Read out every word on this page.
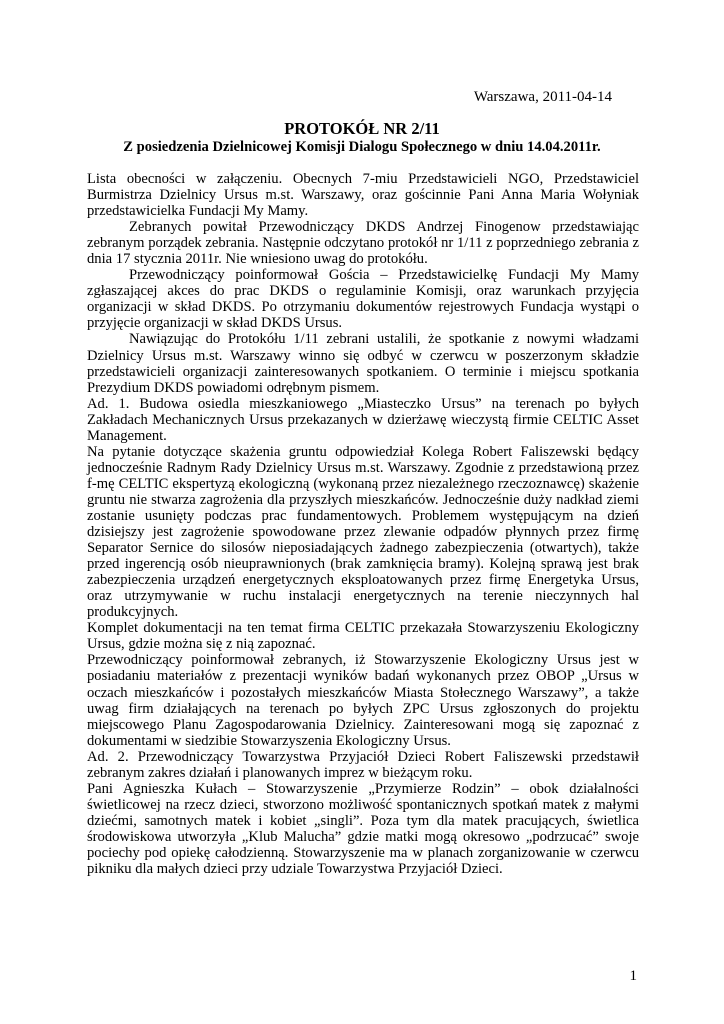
Warszawa, 2011-04-14
PROTOKÓŁ NR 2/11
Z posiedzenia Dzielnicowej Komisji Dialogu Społecznego w dniu 14.04.2011r.

Lista obecności w załączeniu. Obecnych 7-miu Przedstawicieli NGO, Przedstawiciel Burmistrza Dzielnicy Ursus m.st. Warszawy, oraz gościnnie Pani Anna Maria Wołyniak przedstawicielka Fundacji My Mamy.

Zebranych powitał Przewodniczący DKDS Andrzej Finogenow przedstawiając zebranym porządek zebrania. Następnie odczytano protokół nr 1/11 z poprzedniego zebrania z dnia 17 stycznia 2011r. Nie wniesiono uwag do protokółu.

Przewodniczący poinformował Gościa – Przedstawicielkę Fundacji My Mamy zgłaszającej akces do prac DKDS o regulaminie Komisji, oraz warunkach przyjęcia organizacji w skład DKDS. Po otrzymaniu dokumentów rejestrowych Fundacja wystąpi o przyjęcie organizacji w skład DKDS Ursus.

Nawiązując do Protokółu 1/11 zebrani ustalili, że spotkanie z nowymi władzami Dzielnicy Ursus m.st. Warszawy winno się odbyć w czerwcu w poszerzonym składzie przedstawicieli organizacji zainteresowanych spotkaniem. O terminie i miejscu spotkania Prezydium DKDS powiadomi odrębnym pismem.

Ad. 1. Budowa osiedla mieszkaniowego „Miasteczko Ursus” na terenach po byłych Zakładach Mechanicznych Ursus przekazanych w dzierżawę wieczystą firmie CELTIC Asset Management.

Na pytanie dotyczące skażenia gruntu odpowiedział Kolega Robert Faliszewski będący jednocześnie Radnym Rady Dzielnicy Ursus m.st. Warszawy. Zgodnie z przedstawioną przez f-mę CELTIC ekspertyzą ekologiczną (wykonaną przez niezależnego rzeczoznawcę) skażenie gruntu nie stwarza zagrożenia dla przyszłych mieszkańców. Jednocześnie duży nadkład ziemi zostanie usunięty podczas prac fundamentowych. Problemem występującym na dzień dzisiejszy jest zagrożenie spowodowane przez zlewanie odpadów płynnych przez firmę Separator Sernice do silosów nieposiadających żadnego zabezpieczenia (otwartych), także przed ingerencją osób nieuprawnionych (brak zamknięcia bramy). Kolejną sprawą jest brak zabezpieczenia urządzeń energetycznych eksploatowanych przez firmę Energetyka Ursus, oraz utrzymywanie w ruchu instalacji energetycznych na terenie nieczynnych hal produkcyjnych.

Komplet dokumentacji na ten temat firma CELTIC przekazała Stowarzyszeniu Ekologiczny Ursus, gdzie można się z nią zapoznać.

Przewodniczący poinformował zebranych, iż Stowarzyszenie Ekologiczny Ursus jest w posiadaniu materiałów z prezentacji wyników badań wykonanych przez OBOP „Ursus w oczach mieszkańców i pozostałych mieszkańców Miasta Stołecznego Warszawy”, a także uwag firm działających na terenach po byłych ZPC Ursus zgłoszonych do projektu miejscowego Planu Zagospodarowania Dzielnicy. Zainteresowani mogą się zapoznać z dokumentami w siedzibie Stowarzyszenia Ekologiczny Ursus.

Ad. 2. Przewodniczący Towarzystwa Przyjaciół Dzieci Robert Faliszewski przedstawił zebranym zakres działań i planowanych imprez w bieżącym roku.

Pani Agnieszka Kułach – Stowarzyszenie „Przymierze Rodzin” – obok działalności świetlicowej na rzecz dzieci, stworzono możliwość spontanicznych spotkań matek z małymi dziećmi, samotnych matek i kobiet „singli”. Poza tym dla matek pracujących, świetlica środowiskowa utworzyła „Klub Malucha” gdzie matki mogą okresowo „podrzucać” swoje pociechy pod opiekę całodzienną. Stowarzyszenie ma w planach zorganizowanie w czerwcu pikniku dla małych dzieci przy udziale Towarzystwa Przyjaciół Dzieci.

1
